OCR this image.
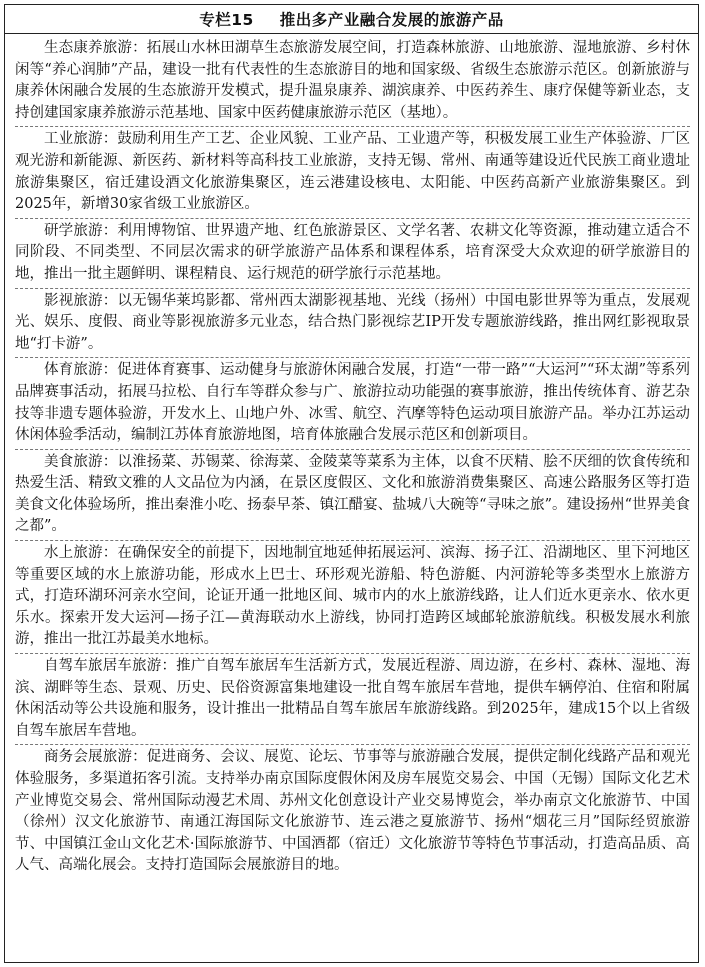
专栏15 推出多产业融合发展的旅游产品

生态康养旅游：拓展山水林田湖草生态旅游发展空间，打造森林旅游、山地旅游、湿地旅游、乡村休闲等“养心润肺”产品，建设一批有代表性的生态旅游目的地和国家级、省级生态旅游示范区。创新旅游与康养休闲融合发展的生态旅游开发模式，提升温泉康养、湖滨康养、中医药养生、康疗保健等新业态，支持创建国家康养旅游示范基地、国家中医药健康旅游示范区（基地）。

工业旅游：鼓励利用生产工艺、企业风貌、工业产品、工业遗产等，积极发展工业生产体验游、厂区观光游和新能源、新医药、新材料等高科技工业旅游，支持无锡、常州、南通等建设近代民族工商业遗址旅游集聚区，宿迁建设酒文化旅游集聚区，连云港建设核电、太阳能、中医药高新产业旅游集聚区。到2025年，新增30家省级工业旅游区。

研学旅游：利用博物馆、世界遗产地、红色旅游景区、文学名著、农耕文化等资源，推动建立适合不同阶段、不同类型、不同层次需求的研学旅游产品体系和课程体系，培育深受大众欢迎的研学旅游目的地，推出一批主题鲜明、课程精良、运行规范的研学旅行示范基地。

影视旅游：以无锡华莱坞影都、常州西太湖影视基地、光线（扬州）中国电影世界等为重点，发展观光、娱乐、度假、商业等影视旅游多元业态，结合热门影视综艺IP开发专题旅游线路，推出网红影视取景地“打卡游”。

体育旅游：促进体育赛事、运动健身与旅游休闲融合发展，打造“一带一路”“大运河”“环太湖”等系列品牌赛事活动，拓展马拉松、自行车等群众参与广、旅游拉动功能强的赛事旅游，推出传统体育、游艺杂技等非遗专题体验游，开发水上、山地户外、冰雪、航空、汽摩等特色运动项目旅游产品。举办江苏运动休闲体验季活动，编制江苏体育旅游地图，培育体旅融合发展示范区和创新项目。

美食旅游：以淮扬菜、苏锡菜、徐海菜、金陵菜等菜系为主体，以食不厌精、脍不厌细的饮食传统和热爱生活、精致文雅的人文品位为内涵，在景区度假区、文化和旅游消费集聚区、高速公路服务区等打造美食文化体验场所，推出秦淮小吃、扬泰早茶、镇江醋宴、盐城八大碗等“寻味之旅”。建设扬州“世界美食之都”。

水上旅游：在确保安全的前提下，因地制宜地延伸拓展运河、滨海、扬子江、沿湖地区、里下河地区等重要区域的水上旅游功能，形成水上巴士、环形观光游船、特色游艇、内河游轮等多类型水上旅游方式，打造环湖环河亲水空间，论证开通一批地区间、城市内的水上旅游线路，让人们近水更亲水、依水更乐水。探索开发大运河—扬子江—黄海联动水上游线，协同打造跨区域邮轮旅游航线。积极发展水利旅游，推出一批江苏最美水地标。

自驾车旅居车旅游：推广自驾车旅居车生活新方式，发展近程游、周边游，在乡村、森林、湿地、海滨、湖畔等生态、景观、历史、民俗资源富集地建设一批自驾车旅居车营地，提供车辆停泊、住宿和附属休闲活动等公共设施和服务，设计推出一批精品自驾车旅居车旅游线路。到2025年，建成15个以上省级自驾车旅居车营地。

商务会展旅游：促进商务、会议、展览、论坛、节事等与旅游融合发展，提供定制化线路产品和观光体验服务，多渠道拓客引流。支持举办南京国际度假休闲及房车展览交易会、中国（无锡）国际文化艺术产业博览交易会、常州国际动漫艺术周、苏州文化创意设计产业交易博览会，举办南京文化旅游节、中国（徐州）汉文化旅游节、南通江海国际文化旅游节、连云港之夏旅游节、扬州“烟花三月”国际经贸旅游节、中国镇江金山文化艺术·国际旅游节、中国酒都（宿迁）文化旅游节等特色节事活动，打造高品质、高人气、高端化展会。支持打造国际会展旅游目的地。
